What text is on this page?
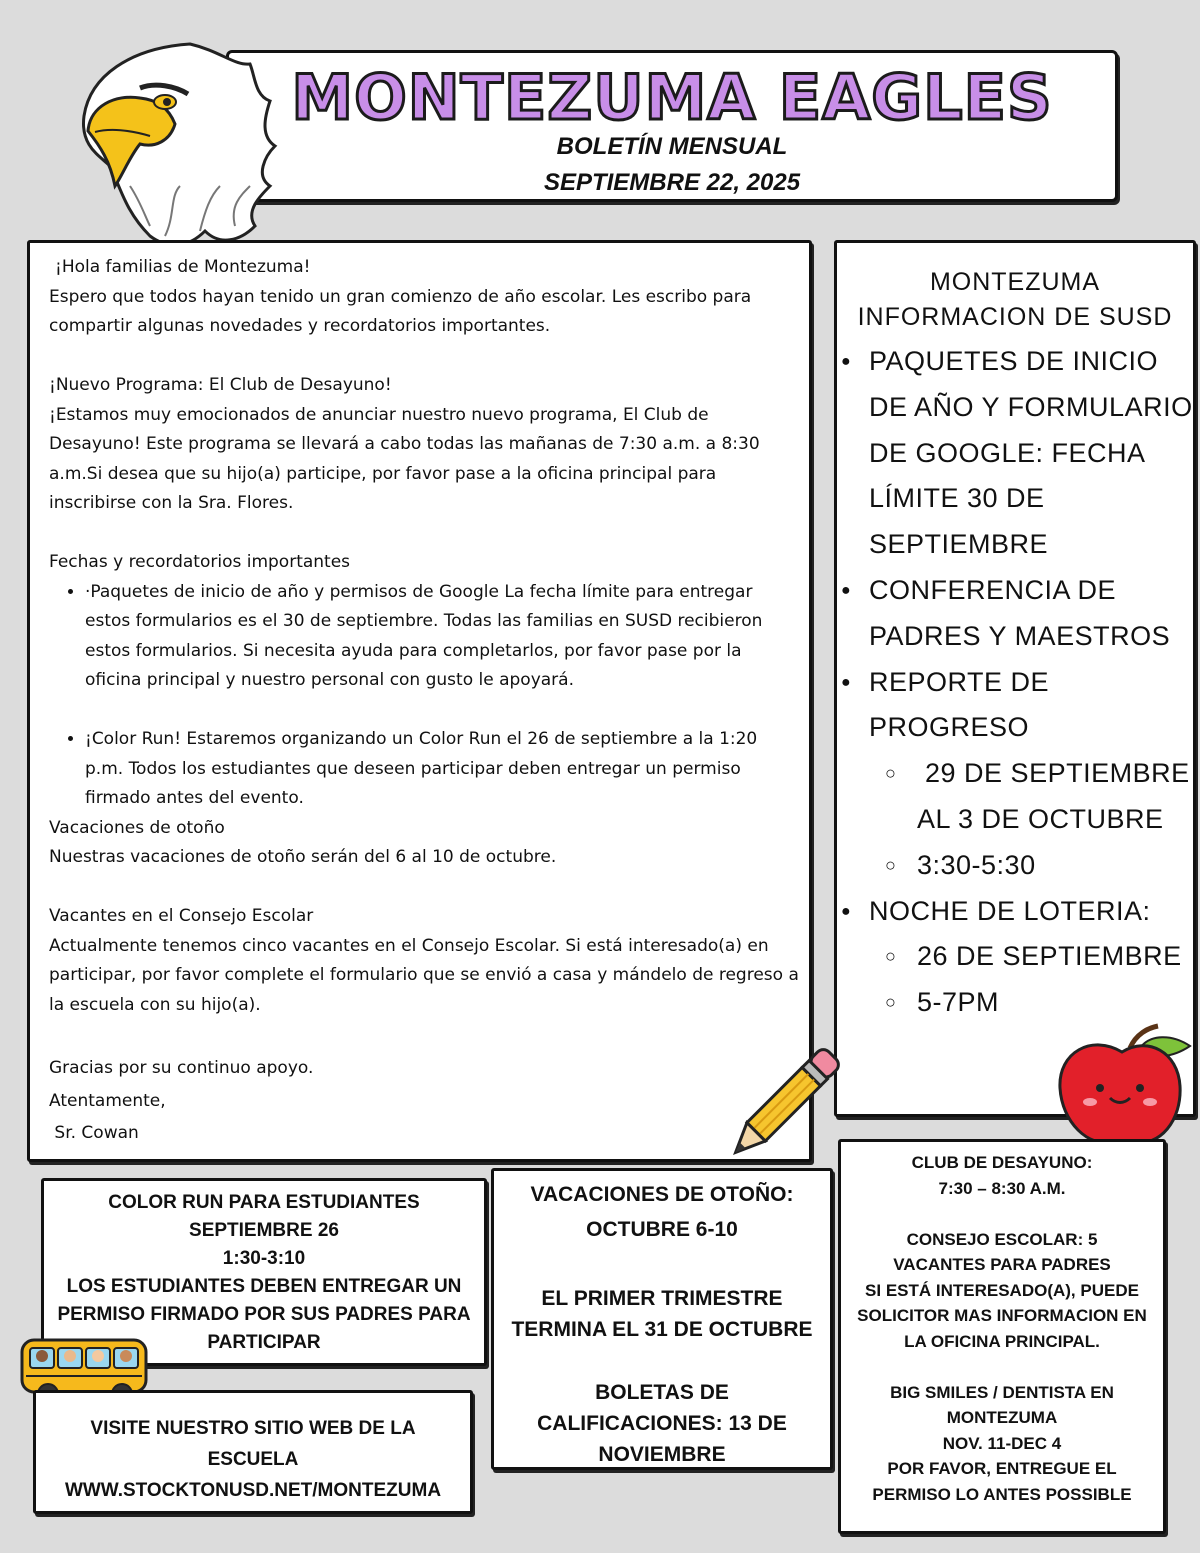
MONTEZUMA EAGLES
BOLETÍN MENSUAL
SEPTIEMBRE 22, 2025

¡Hola familias de Montezuma!

Espero que todos hayan tenido un gran comienzo de año escolar. Les escribo para compartir algunas novedades y recordatorios importantes.

¡Nuevo Programa: El Club de Desayuno!

¡Estamos muy emocionados de anunciar nuestro nuevo programa, El Club de Desayuno! Este programa se llevará a cabo todas las mañanas de 7:30 a.m. a 8:30 a.m.Si desea que su hijo(a) participe, por favor pase a la oficina principal para inscribirse con la Sra. Flores.

Fechas y recordatorios importantes

• ·Paquetes de inicio de año y permisos de Google La fecha límite para entregar estos formularios es el 30 de septiembre. Todas las familias en SUSD recibieron estos formularios. Si necesita ayuda para completarlos, por favor pase por la oficina principal y nuestro personal con gusto le apoyará.
• ¡Color Run! Estaremos organizando un Color Run el 26 de septiembre a la 1:20 p.m. Todos los estudiantes que deseen participar deben entregar un permiso firmado antes del evento.

Vacaciones de otoño

Nuestras vacaciones de otoño serán del 6 al 10 de octubre.

Vacantes en el Consejo Escolar

Actualmente tenemos cinco vacantes en el Consejo Escolar. Si está interesado(a) en participar, por favor complete el formulario que se envió a casa y mándelo de regreso a la escuela con su hijo(a).

Gracias por su continuo apoyo.

Atentamente,

Sr. Cowan

MONTEZUMA
INFORMACION DE SUSD
● PAQUETES DE INICIO DE AÑO Y FORMULARIO DE GOOGLE: FECHA LÍMITE 30 DE SEPTIEMBRE
● CONFERENCIA DE PADRES Y MAESTROS
● REPORTE DE PROGRESO
○  29 DE SEPTIEMBRE AL 3 DE OCTUBRE
○ 3:30-5:30
● NOCHE DE LOTERIA:
○ 26 DE SEPTIEMBRE
○ 5-7PM
COLOR RUN PARA ESTUDIANTES
SEPTIEMBRE 26
1:30-3:10
LOS ESTUDIANTES DEBEN ENTREGAR UN PERMISO FIRMADO POR SUS PADRES PARA PARTICIPAR
VISITE NUESTRO SITIO WEB DE LA ESCUELA
WWW.STOCKTONUSD.NET/MONTEZUMA
VACACIONES DE OTOÑO:
OCTUBRE 6-10
EL PRIMER TRIMESTRE TERMINA EL 31 DE OCTUBRE
BOLETAS DE CALIFICACIONES: 13 DE NOVIEMBRE
CLUB DE DESAYUNO:
7:30 – 8:30 A.M.
CONSEJO ESCOLAR: 5 VACANTES PARA PADRES
SI ESTÁ INTERESADO(A), PUEDE SOLICITOR MAS INFORMACION EN LA OFICINA PRINCIPAL.
BIG SMILES / DENTISTA EN MONTEZUMA
NOV. 11-DEC 4
POR FAVOR, ENTREGUE EL PERMISO LO ANTES POSSIBLE
